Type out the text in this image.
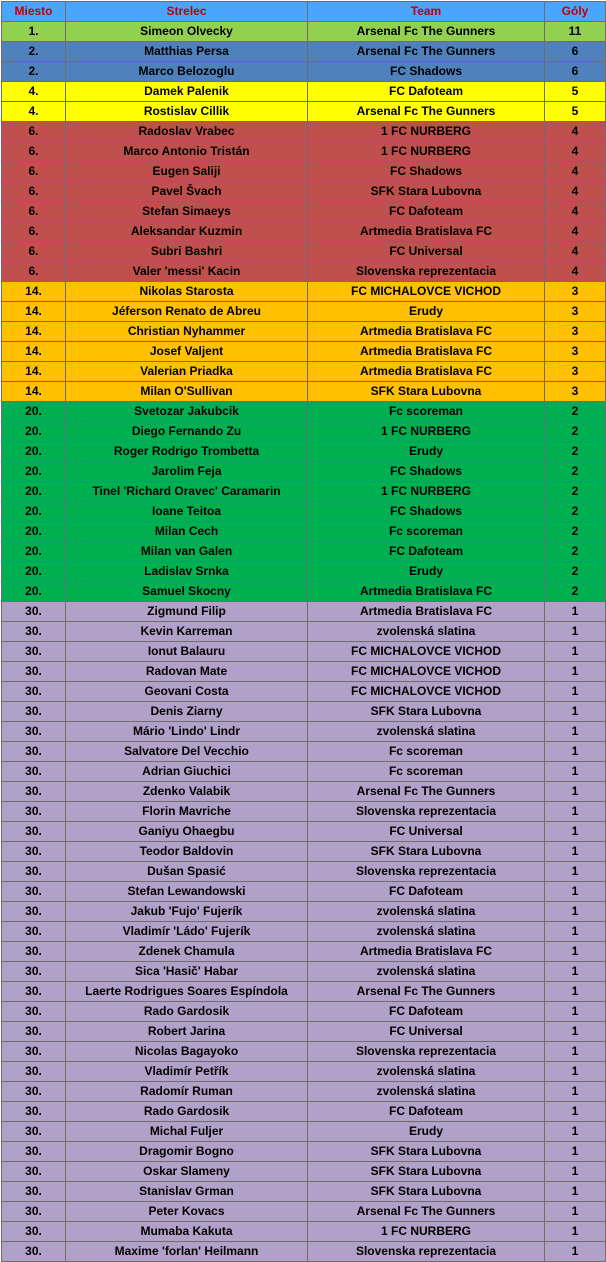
Miesto	Strelec	Team	Góly
1.	Simeon Olvecky	Arsenal Fc The Gunners	11
2.	Matthias Persa	Arsenal Fc The Gunners	6
2.	Marco Belozoglu	FC Shadows	6
4.	Damek Palenik	FC Dafoteam	5
4.	Rostislav Cillik	Arsenal Fc The Gunners	5
6.	Radoslav Vrabec	1 FC NURBERG	4
6.	Marco Antonio Tristán	1 FC NURBERG	4
6.	Eugen Saliji	FC Shadows	4
6.	Pavel Švach	SFK Stara Lubovna	4
6.	Stefan Simaeys	FC Dafoteam	4
6.	Aleksandar Kuzmin	Artmedia Bratislava FC	4
6.	Subri Bashri	FC Universal	4
6.	Valer 'messi' Kacin	Slovenska reprezentacia	4
14.	Nikolas Starosta	FC MICHALOVCE VICHOD	3
14.	Jéferson Renato de Abreu	Erudy	3
14.	Christian Nyhammer	Artmedia Bratislava FC	3
14.	Josef Valjent	Artmedia Bratislava FC	3
14.	Valerian Priadka	Artmedia Bratislava FC	3
14.	Milan O'Sullivan	SFK Stara Lubovna	3
20.	Svetozar Jakubcik	Fc scoreman	2
20.	Diego Fernando Zu	1 FC NURBERG	2
20.	Roger Rodrigo Trombetta	Erudy	2
20.	Jarolim Feja	FC Shadows	2
20.	Tinel 'Richard Oravec' Caramarin	1 FC NURBERG	2
20.	Ioane Teitoa	FC Shadows	2
20.	Milan Cech	Fc scoreman	2
20.	Milan van Galen	FC Dafoteam	2
20.	Ladislav Srnka	Erudy	2
20.	Samuel Skocny	Artmedia Bratislava FC	2
30.	Zigmund Filip	Artmedia Bratislava FC	1
30.	Kevin Karreman	zvolenská slatina	1
30.	Ionut Balauru	FC MICHALOVCE VICHOD	1
30.	Radovan Mate	FC MICHALOVCE VICHOD	1
30.	Geovani Costa	FC MICHALOVCE VICHOD	1
30.	Denis Ziarny	SFK Stara Lubovna	1
30.	Mário 'Lindo' Lindr	zvolenská slatina	1
30.	Salvatore Del Vecchio	Fc scoreman	1
30.	Adrian Giuchici	Fc scoreman	1
30.	Zdenko Valabik	Arsenal Fc The Gunners	1
30.	Florin Mavriche	Slovenska reprezentacia	1
30.	Ganiyu Ohaegbu	FC Universal	1
30.	Teodor Baldovin	SFK Stara Lubovna	1
30.	Dušan Spasić	Slovenska reprezentacia	1
30.	Stefan Lewandowski	FC Dafoteam	1
30.	Jakub 'Fujo' Fujerík	zvolenská slatina	1
30.	Vladimír 'Ládo' Fujerík	zvolenská slatina	1
30.	Zdenek Chamula	Artmedia Bratislava FC	1
30.	Sica 'Hasič' Habar	zvolenská slatina	1
30.	Laerte Rodrigues Soares Espíndola	Arsenal Fc The Gunners	1
30.	Rado Gardosik	FC Dafoteam	1
30.	Robert Jarina	FC Universal	1
30.	Nicolas Bagayoko	Slovenska reprezentacia	1
30.	Vladimír Petřík	zvolenská slatina	1
30.	Radomír Ruman	zvolenská slatina	1
30.	Rado Gardosik	FC Dafoteam	1
30.	Michal Fuljer	Erudy	1
30.	Dragomir Bogno	SFK Stara Lubovna	1
30.	Oskar Slameny	SFK Stara Lubovna	1
30.	Stanislav Grman	SFK Stara Lubovna	1
30.	Peter Kovacs	Arsenal Fc The Gunners	1
30.	Mumaba Kakuta	1 FC NURBERG	1
30.	Maxime 'forlan' Heilmann	Slovenska reprezentacia	1
